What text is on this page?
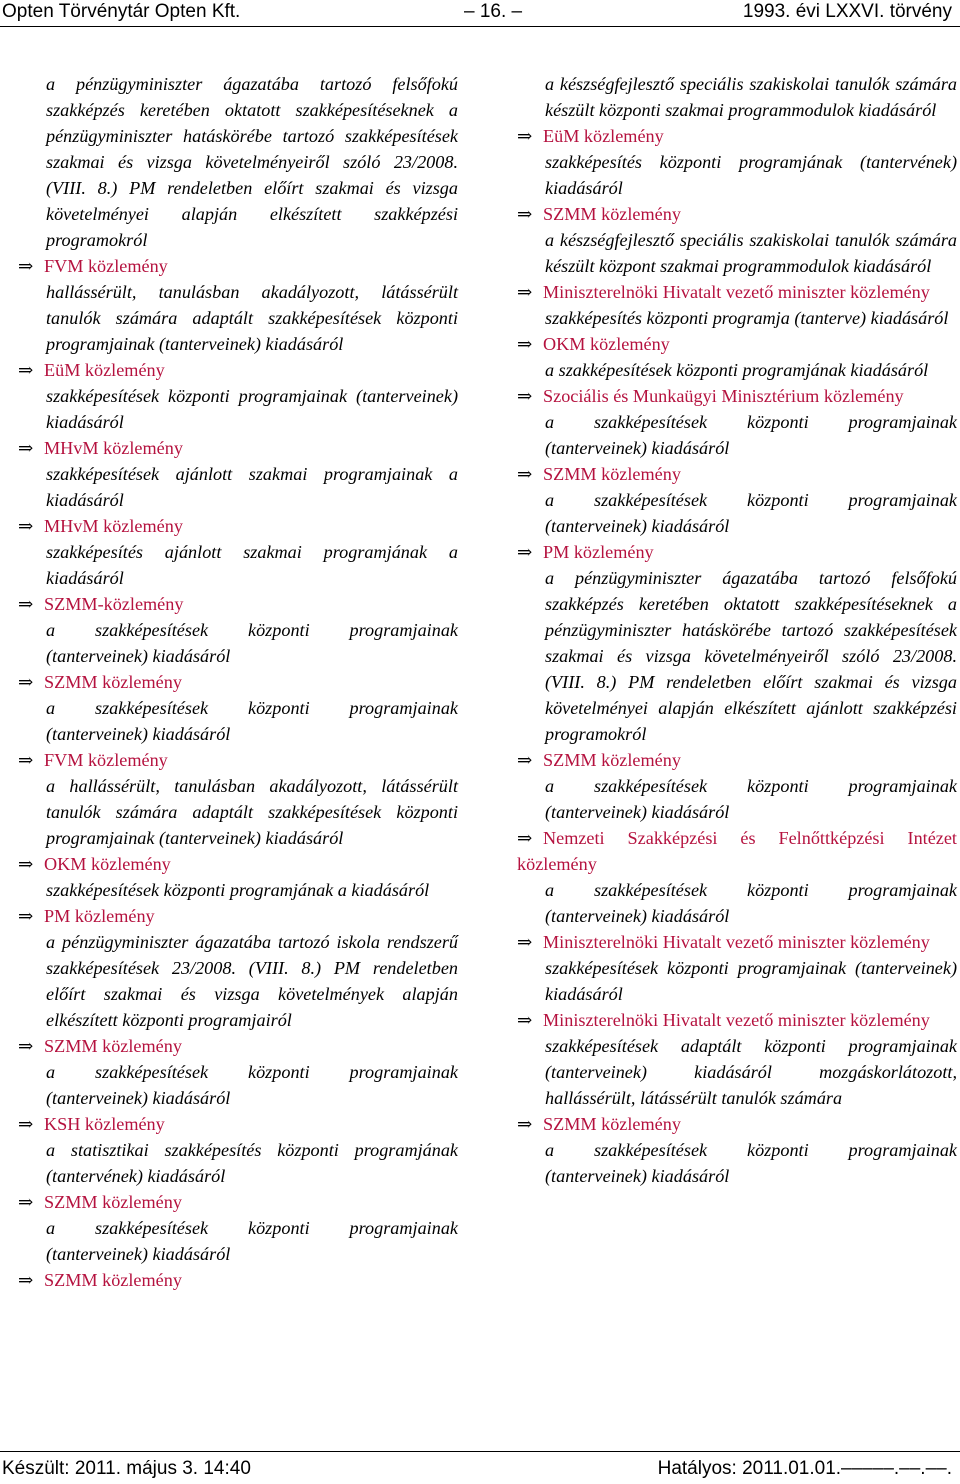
Opten Törvénytár Opten Kft.	– 16. –	1993. évi LXXVI. törvény
a pénzügyminiszter ágazatába tartozó felsőfokú szakképzés keretében oktatott szakképesítéseknek a pénzügyminiszter hatáskörébe tartozó szakképesítések szakmai és vizsga követelményeiről szóló 23/2008. (VIII. 8.) PM rendeletben előírt szakmai és vizsga követelményei alapján elkészített szakképzési programokról
⇒ FVM közlemény
hallássérült, tanulásban akadályozott, látássérült tanulók számára adaptált szakképesítések központi programjainak (tanterveinek) kiadásáról
⇒ EüM közlemény
szakképesítések központi programjainak (tanterveinek) kiadásáról
⇒ MHvM közlemény
szakképesítések ajánlott szakmai programjainak a kiadásáról
⇒ MHvM közlemény
szakképesítés ajánlott szakmai programjának a kiadásáról
⇒ SZMM-közlemény
a szakképesítések központi programjainak (tanterveinek) kiadásáról
⇒ SZMM közlemény
a szakképesítések központi programjainak (tanterveinek) kiadásáról
⇒ FVM közlemény
a hallássérült, tanulásban akadályozott, látássérült tanulók számára adaptált szakképesítések központi programjainak (tanterveinek) kiadásáról
⇒ OKM közlemény
szakképesítések központi programjának a kiadásáról
⇒ PM közlemény
a pénzügyminiszter ágazatába tartozó iskola rendszerű szakképesítések 23/2008. (VIII. 8.) PM rendeletben előírt szakmai és vizsga követelmények alapján elkészített központi programjairól
⇒ SZMM közlemény
a szakképesítések központi programjainak (tanterveinek) kiadásáról
⇒ KSH közlemény
a statisztikai szakképesítés központi programjának (tantervének) kiadásáról
⇒ SZMM közlemény
a szakképesítések központi programjainak (tanterveinek) kiadásáról
⇒ SZMM közlemény
a készségfejlesztő speciális szakiskolai tanulók számára készült központi szakmai programmodulok kiadásáról
⇒ EüM közlemény
szakképesítés központi programjának (tantervének) kiadásáról
⇒ SZMM közlemény
a készségfejlesztő speciális szakiskolai tanulók számára készült központ szakmai programmodulok kiadásáról
⇒ Miniszterelnöki Hivatalt vezető miniszter közlemény
szakképesítés központi programja (tanterve) kiadásáról
⇒ OKM közlemény
a szakképesítések központi programjának kiadásáról
⇒ Szociális és Munkaügyi Minisztérium közlemény
a szakképesítések központi programjainak (tanterveinek) kiadásáról
⇒ SZMM közlemény
a szakképesítések központi programjainak (tanterveinek) kiadásáról
⇒ PM közlemény
a pénzügyminiszter ágazatába tartozó felsőfokú szakképzés keretében oktatott szakképesítéseknek a pénzügyminiszter hatáskörébe tartozó szakképesítések szakmai és vizsga követelményeiről szóló 23/2008. (VIII. 8.) PM rendeletben előírt szakmai és vizsga követelményei alapján elkészített ajánlott szakképzési programokról
⇒ SZMM közlemény
a szakképesítések központi programjainak (tanterveinek) kiadásáról
⇒ Nemzeti Szakképzési és Felnőttképzési Intézet közlemény
a szakképesítések központi programjainak (tanterveinek) kiadásáról
⇒ Miniszterelnöki Hivatalt vezető miniszter közlemény
szakképesítések központi programjainak (tanterveinek) kiadásáról
⇒ Miniszterelnöki Hivatalt vezető miniszter közlemény
szakképesítések adaptált központi programjainak (tanterveinek) kiadásáról mozgáskorlátozott, hallássérült, látássérült tanulók számára
⇒ SZMM közlemény
a szakképesítések központi programjainak (tanterveinek) kiadásáról
Készült: 2011. május 3. 14:40	Hatályos: 2011.01.01.–––––.––.––.
